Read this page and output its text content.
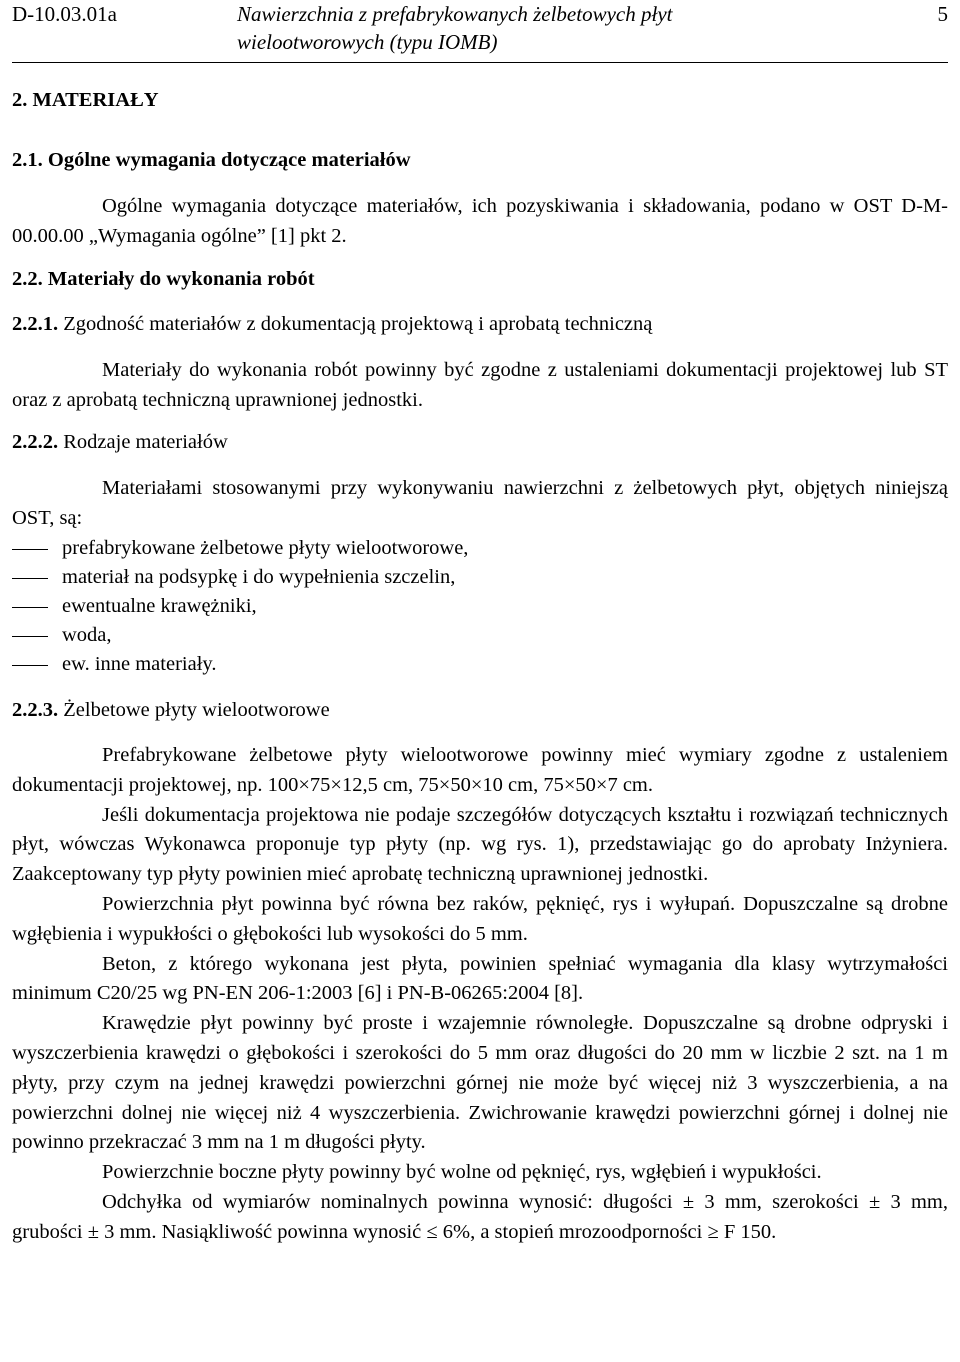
D-10.03.01a	Nawierzchnia z prefabrykowanych żelbetowych płyt wielootworowych (typu IOMB)
5
2. MATERIAŁY
2.1. Ogólne wymagania dotyczące materiałów

Ogólne wymagania dotyczące materiałów, ich pozyskiwania i składowania, podano w OST D-M-00.00.00 „Wymagania ogólne” [1] pkt 2.

2.2. Materiały do wykonania robót
2.2.1. Zgodność materiałów z dokumentacją projektową i aprobatą techniczną

Materiały do wykonania robót powinny być zgodne z ustaleniami dokumentacji projektowej lub ST oraz z aprobatą techniczną uprawnionej jednostki.

2.2.2. Rodzaje materiałów

Materiałami stosowanymi przy wykonywaniu nawierzchni z żelbetowych płyt, objętych niniejszą OST, są:

prefabrykowane żelbetowe płyty wielootworowe,
materiał na podsypkę i do wypełnienia szczelin,
ewentualne krawężniki,
woda,
ew. inne materiały.
2.2.3. Żelbetowe płyty wielootworowe

Prefabrykowane żelbetowe płyty wielootworowe powinny mieć wymiary zgodne z ustaleniem dokumentacji projektowej, np. 100×75×12,5 cm, 75×50×10 cm, 75×50×7 cm.

Jeśli dokumentacja projektowa nie podaje szczegółów dotyczących kształtu i rozwiązań technicznych płyt, wówczas Wykonawca proponuje typ płyty (np. wg rys. 1), przedstawiając go do aprobaty Inżyniera. Zaakceptowany typ płyty powinien mieć aprobatę techniczną uprawnionej jednostki.

Powierzchnia płyt powinna być równa bez raków, pęknięć, rys i wyłupań. Dopuszczalne są drobne wgłębienia i wypukłości o głębokości lub wysokości do 5 mm.

Beton, z którego wykonana jest płyta, powinien spełniać wymagania dla klasy wytrzymałości minimum C20/25 wg PN-EN 206-1:2003 [6] i PN-B-06265:2004 [8].

Krawędzie płyt powinny być proste i wzajemnie równoległe. Dopuszczalne są drobne odpryski i wyszczerbienia krawędzi o głębokości i szerokości do 5 mm oraz długości do 20 mm w liczbie 2 szt. na 1 m płyty, przy czym na jednej krawędzi powierzchni górnej nie może być więcej niż 3 wyszczerbienia, a na powierzchni dolnej nie więcej niż 4 wyszczerbienia. Zwichrowanie krawędzi powierzchni górnej i dolnej nie powinno przekraczać 3 mm na 1 m długości płyty.

Powierzchnie boczne płyty powinny być wolne od pęknięć, rys, wgłębień i wypukłości.

Odchyłka od wymiarów nominalnych powinna wynosić: długości ± 3 mm, szerokości ± 3 mm, grubości ± 3 mm. Nasiąkliwość powinna wynosić ≤ 6%, a stopień mrozoodporności ≥ F 150.
